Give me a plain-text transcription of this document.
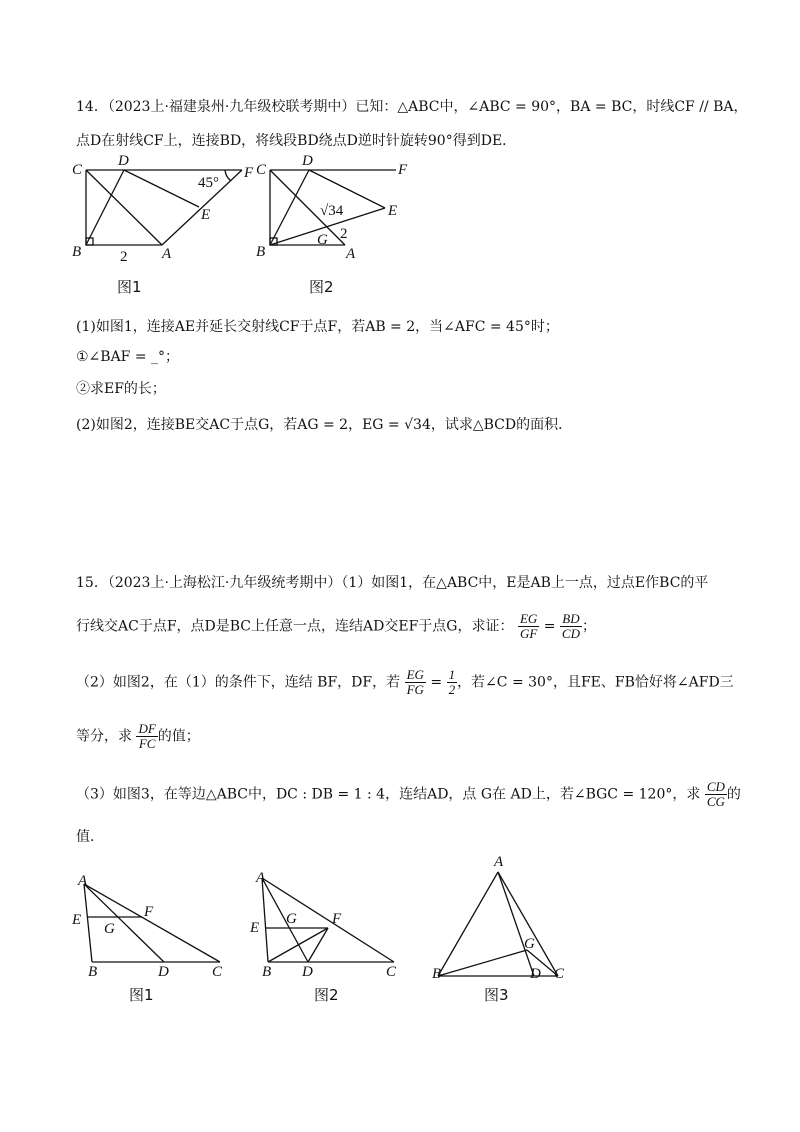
14．（2023上·福建泉州·九年级校联考期中）已知：△ABC中，∠ABC = 90°，BA = BC，时线CF // BA，
点D在射线CF上，连接BD，将线段BD绕点D逆时针旋转90°得到DE．
C
D
F
45°
E
B	2 A
图1
C
D
F
√34	E
G 2
B	A
图2
(1)如图1，连接AE并延长交射线CF于点F，若AB = 2，当∠AFC = 45°时；
①∠BAF = _°；
②求EF的长；
(2)如图2，连接BE交AC于点G，若AG = 2，EG = √34，试求△BCD的面积．
15．（2023上·上海松江·九年级统考期中）（1）如图1，在△ABC中，E是AB上一点，过点E作BC的平
行线交AC于点F，点D是BC上任意一点，连结AD交EF于点G，求证： $\frac{EG}{GF} = \frac{BD}{CD}$ ；
（2）如图2，在（1）的条件下，连结 BF，DF，若 $\frac{EG}{FG} = \frac{1}{2}$ ，若∠C = 30°，且FE、FB恰好将∠AFD三
等分，求 $\frac{DF}{FC}$ 的值；
（3）如图3，在等边△ABC中，DC : DB = 1 : 4，连结AD，点 G在 AD上，若∠BGC = 120°，求 $\frac{CD}{CG}$ 的
值．
A
E	F
G
B	D	C
图1
A
E
G F
B D	C
图2
A
G
B	D C
图3
